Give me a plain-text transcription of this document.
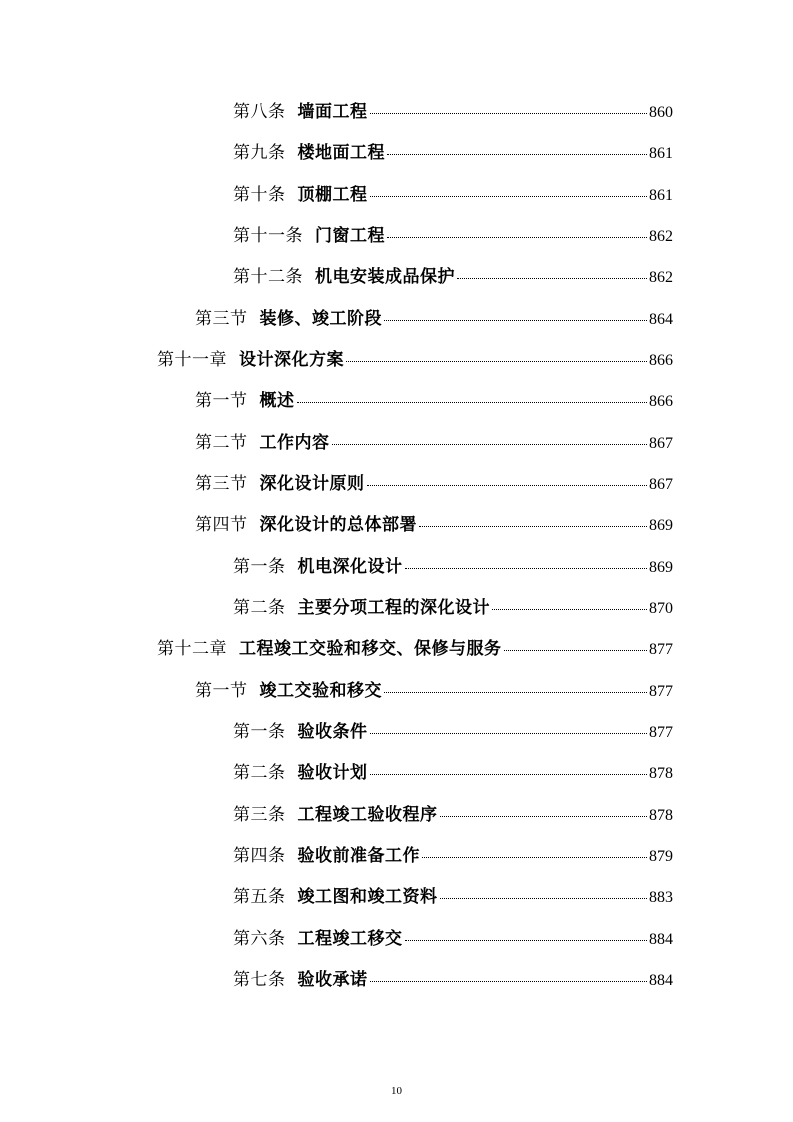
第八条 墙面工程	860
第九条 楼地面工程	861
第十条 顶棚工程	861
第十一条 门窗工程	862
第十二条 机电安装成品保护	862
第三节 装修、竣工阶段	864
第十一章 设计深化方案	866
第一节 概述	866
第二节 工作内容	867
第三节 深化设计原则	867
第四节 深化设计的总体部署	869
第一条 机电深化设计	869
第二条 主要分项工程的深化设计	870
第十二章 工程竣工交验和移交、保修与服务	877
第一节 竣工交验和移交	877
第一条 验收条件	877
第二条 验收计划	878
第三条 工程竣工验收程序	878
第四条 验收前准备工作	879
第五条 竣工图和竣工资料	883
第六条 工程竣工移交	884
第七条 验收承诺	884
10
